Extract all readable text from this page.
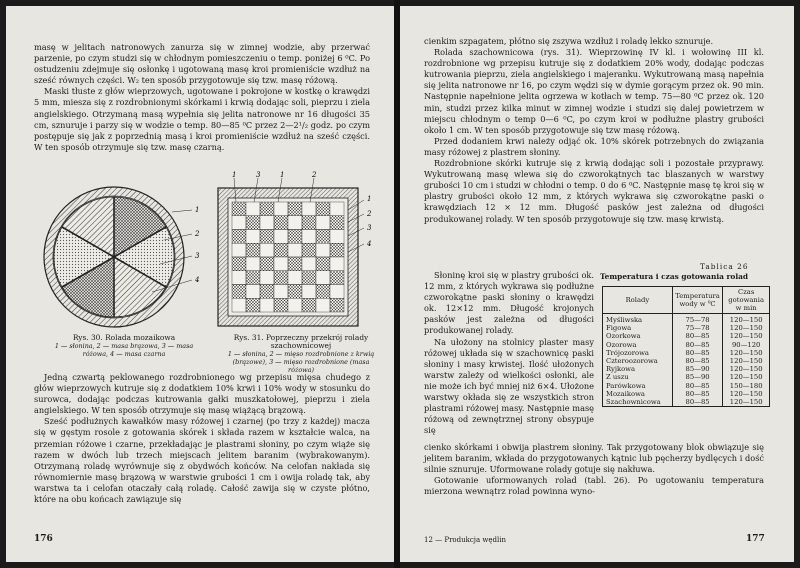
masę w jelitach natronowych zanurza się w zimnej wodzie, aby przerwać parzenie, po czym studzi się w chłodnym pomieszczeniu o temp. poniżej 6 ⁰C. Po ostudzeniu zdejmuje się osłonkę i ugotowaną masę kroi promieniście wzdłuż na sześć równych części. W₂ ten sposób przygotowuje się tzw. masę różową.

Maski tłuste z głów wieprzowych, ugotowane i pokrojone w kostkę o krawędzi 5 mm, miesza się z rozdrobnionymi skórkami i krwią dodając soli, pieprzu i ziela angielskiego. Otrzymaną masą wypełnia się jelita natronowe nr 16 długości 35 cm, sznuruje i parzy się w wodzie o temp. 80—85 ⁰C przez 2—2¹/₂ godz. po czym postępuje się jak z poprzednią masą i kroi promieniście wzdłuż na sześć części. W ten sposób otrzymuje się tzw. masę czarną.

1
2
3
4
1	3	1	2
1
2
3
4
Rys. 30. Rolada mozaikowa
1 — słonina, 2 — masa brązowa, 3 — masa różowa, 4 — masa czarna
Rys. 31. Poprzeczny przekrój rolady szachownicowej
1 — słonina, 2 — mięso rozdrobnione z krwią (brązowe), 3 — mięso rozdrobnione (masa różowa)

Jedną czwartą peklowanego rozdrobnionego wg przepisu mięsa chudego z głów wieprzowych kutruje się z dodatkiem 10% krwi i 10% wody w stosunku do surowca, dodając podczas kutrowania gałki muszkatołowej, pieprzu i ziela angielskiego. W ten sposób otrzymuje się masę wiążącą brązową.

Sześć podłużnych kawałków masy różowej i czarnej (po trzy z każdej) macza się w gęstym rosole z gotowania skórek i składa razem w kształcie walca, na przemian różowe i czarne, przekładając je plastrami słoniny, po czym wiąże się razem w dwóch lub trzech miejscach jelitem baranim (wybrakowanym). Otrzymaną roladę wyrównuje się z obydwóch końców. Na celofan nakłada się równomiernie masę brązową w warstwie grubości 1 cm i owija roladę tak, aby warstwa ta i celofan otaczały całą roladę. Całość zawija się w czyste płótno, które na obu końcach zawiązuje się

176

cienkim szpagatem, płótno się zszywa wzdłuż i roladę lekko sznuruje.

Rolada szachownicowa (rys. 31). Wieprzowinę IV kl. i wołowinę III kl. rozdrobnione wg przepisu kutruje się z dodatkiem 20% wody, dodając podczas kutrowania pieprzu, ziela angielskiego i majeranku. Wykutrowaną masą napełnia się jelita natronowe nr 16, po czym wędzi się w dymie gorącym przez ok. 90 min. Następnie napełnione jelita ogrzewa w kotłach w temp. 75—80 ⁰C przez ok. 120 min, studzi przez kilka minut w zimnej wodzie i studzi się dalej powietrzem w miejscu chłodnym o temp 0—6 ⁰C, po czym kroi w podłużne plastry grubości około 1 cm. W ten sposób przygotowuje się tzw masę różową.

Przed dodaniem krwi należy odjąć ok. 10% skórek potrzebnych do związania masy różowej z plastrem słoniny.

Rozdrobnione skórki kutruje się z krwią dodając soli i pozostałe przyprawy. Wykutrowaną masę wlewa się do czworokątnych tac blaszanych w warstwy grubości 10 cm i studzi w chłodni o temp. 0 do 6 ⁰C. Następnie masę tę kroi się w plastry grubości około 12 mm, z których wykrawa się czworokątne paski o krawędziach 12 × 12 mm. Długość pasków jest zależna od długości produkowanej rolady. W ten sposób przygotowuje się tzw. masę krwistą.

Słoninę kroi się w plastry grubości ok. 12 mm, z których wykrawa się podłużne czworokątne paski słoniny o krawędzi ok. 12×12 mm. Długość krojonych pasków jest zależna od długości produkowanej rolady.

Na ułożony na stolnicy plaster masy różowej układa się w szachownicę paski słoniny i masy krwistej. Ilość ułożonych warstw zależy od wielkości osłonki, ale nie może ich być mniej niż 6×4. Ułożone warstwy okłada się ze wszystkich stron plastrami różowej masy. Następnie masę różową od zewnętrznej strony obsypuje się

Tablica 26
Temperatura i czas gotowania rolad
Rolady	Temperatura wody w ⁰C	Czas gotowania w min
Myśliwska	75—78	120—150
Figowa	75—78	120—150
Ozorkowa	80—85	120—150
Ozorowa	80—85	90—120
Trójozorowa	80—85	120—150
Czteroozorowa	80—85	120—150
Ryjkowa	85—90	120—150
Z uszu	85—90	120—150
Parówkowa	80—85	150—180
Mozaikowa	80—85	120—150
Szachownicowa	80—85	120—150

cienko skórkami i obwija plastrem słoniny. Tak przygotowany blok obwiązuje się jelitem baranim, wkłada do przygotowanych kątnic lub pęcherzy bydlęcych i dość silnie sznuruje. Uformowane rolady gotuje się nakłuwa.

Gotowanie uformowanych rolad (tabl. 26). Po ugotowaniu temperatura mierzona wewnątrz rolad powinna wyno-

12 — Produkcja wędlin	177
